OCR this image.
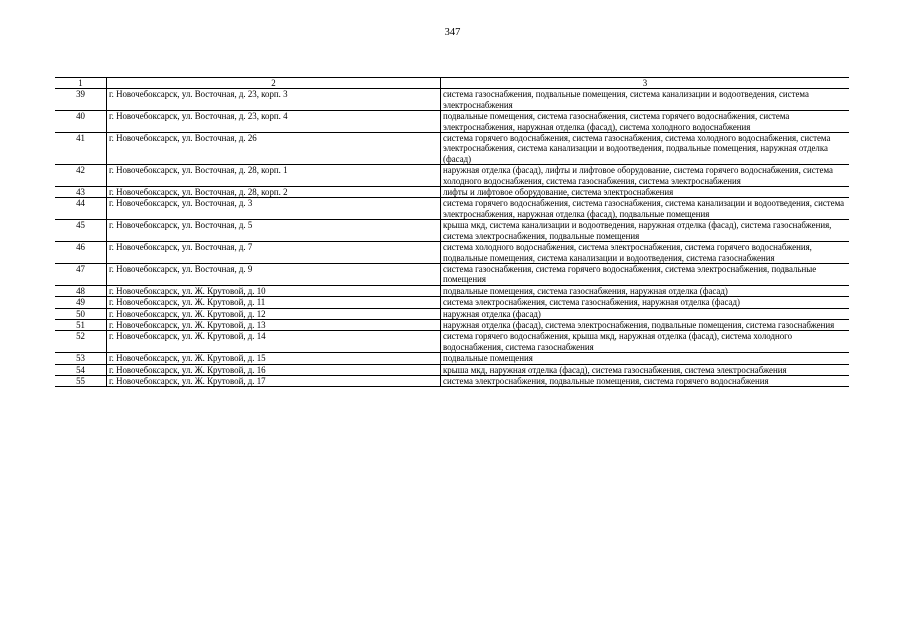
347
1	2	3
39	г. Новочебоксарск, ул. Восточная, д. 23, корп. 3	система газоснабжения, подвальные помещения, система канализации и водоотведения, система электроснабжения
40	г. Новочебоксарск, ул. Восточная, д. 23, корп. 4	подвальные помещения, система газоснабжения, система горячего водоснабжения, система электроснабжения, наружная отделка (фасад), система холодного водоснабжения
41	г. Новочебоксарск, ул. Восточная, д. 26	система горячего водоснабжения, система газоснабжения, система холодного водоснабжения, система электроснабжения, система канализации и водоотведения, подвальные помещения, наружная отделка (фасад)
42	г. Новочебоксарск, ул. Восточная, д. 28, корп. 1	наружная отделка (фасад), лифты и лифтовое оборудование, система горячего водоснабжения, система холодного водоснабжения, система газоснабжения, система электроснабжения
43	г. Новочебоксарск, ул. Восточная, д. 28, корп. 2	лифты и лифтовое оборудование, система электроснабжения
44	г. Новочебоксарск, ул. Восточная, д. 3	система горячего водоснабжения, система газоснабжения, система канализации и водоотведения, система электроснабжения, наружная отделка (фасад), подвальные помещения
45	г. Новочебоксарск, ул. Восточная, д. 5	крыша мкд, система канализации и водоотведения, наружная отделка (фасад), система газоснабжения, система электроснабжения, подвальные помещения
46	г. Новочебоксарск, ул. Восточная, д. 7	система холодного водоснабжения, система электроснабжения, система горячего водоснабжения, подвальные помещения, система канализации и водоотведения, система газоснабжения
47	г. Новочебоксарск, ул. Восточная, д. 9	система газоснабжения, система горячего водоснабжения, система электроснабжения, подвальные помещения
48	г. Новочебоксарск, ул. Ж. Крутовой, д. 10	подвальные помещения, система газоснабжения, наружная отделка (фасад)
49	г. Новочебоксарск, ул. Ж. Крутовой, д. 11	система электроснабжения, система газоснабжения, наружная отделка (фасад)
50	г. Новочебоксарск, ул. Ж. Крутовой, д. 12	наружная отделка (фасад)
51	г. Новочебоксарск, ул. Ж. Крутовой, д. 13	наружная отделка (фасад), система электроснабжения, подвальные помещения, система газоснабжения
52	г. Новочебоксарск, ул. Ж. Крутовой, д. 14	система горячего водоснабжения, крыша мкд, наружная отделка (фасад), система холодного водоснабжения, система газоснабжения
53	г. Новочебоксарск, ул. Ж. Крутовой, д. 15	подвальные помещения
54	г. Новочебоксарск, ул. Ж. Крутовой, д. 16	крыша мкд, наружная отделка (фасад), система газоснабжения, система электроснабжения
55	г. Новочебоксарск, ул. Ж. Крутовой, д. 17	система электроснабжения, подвальные помещения, система горячего водоснабжения
